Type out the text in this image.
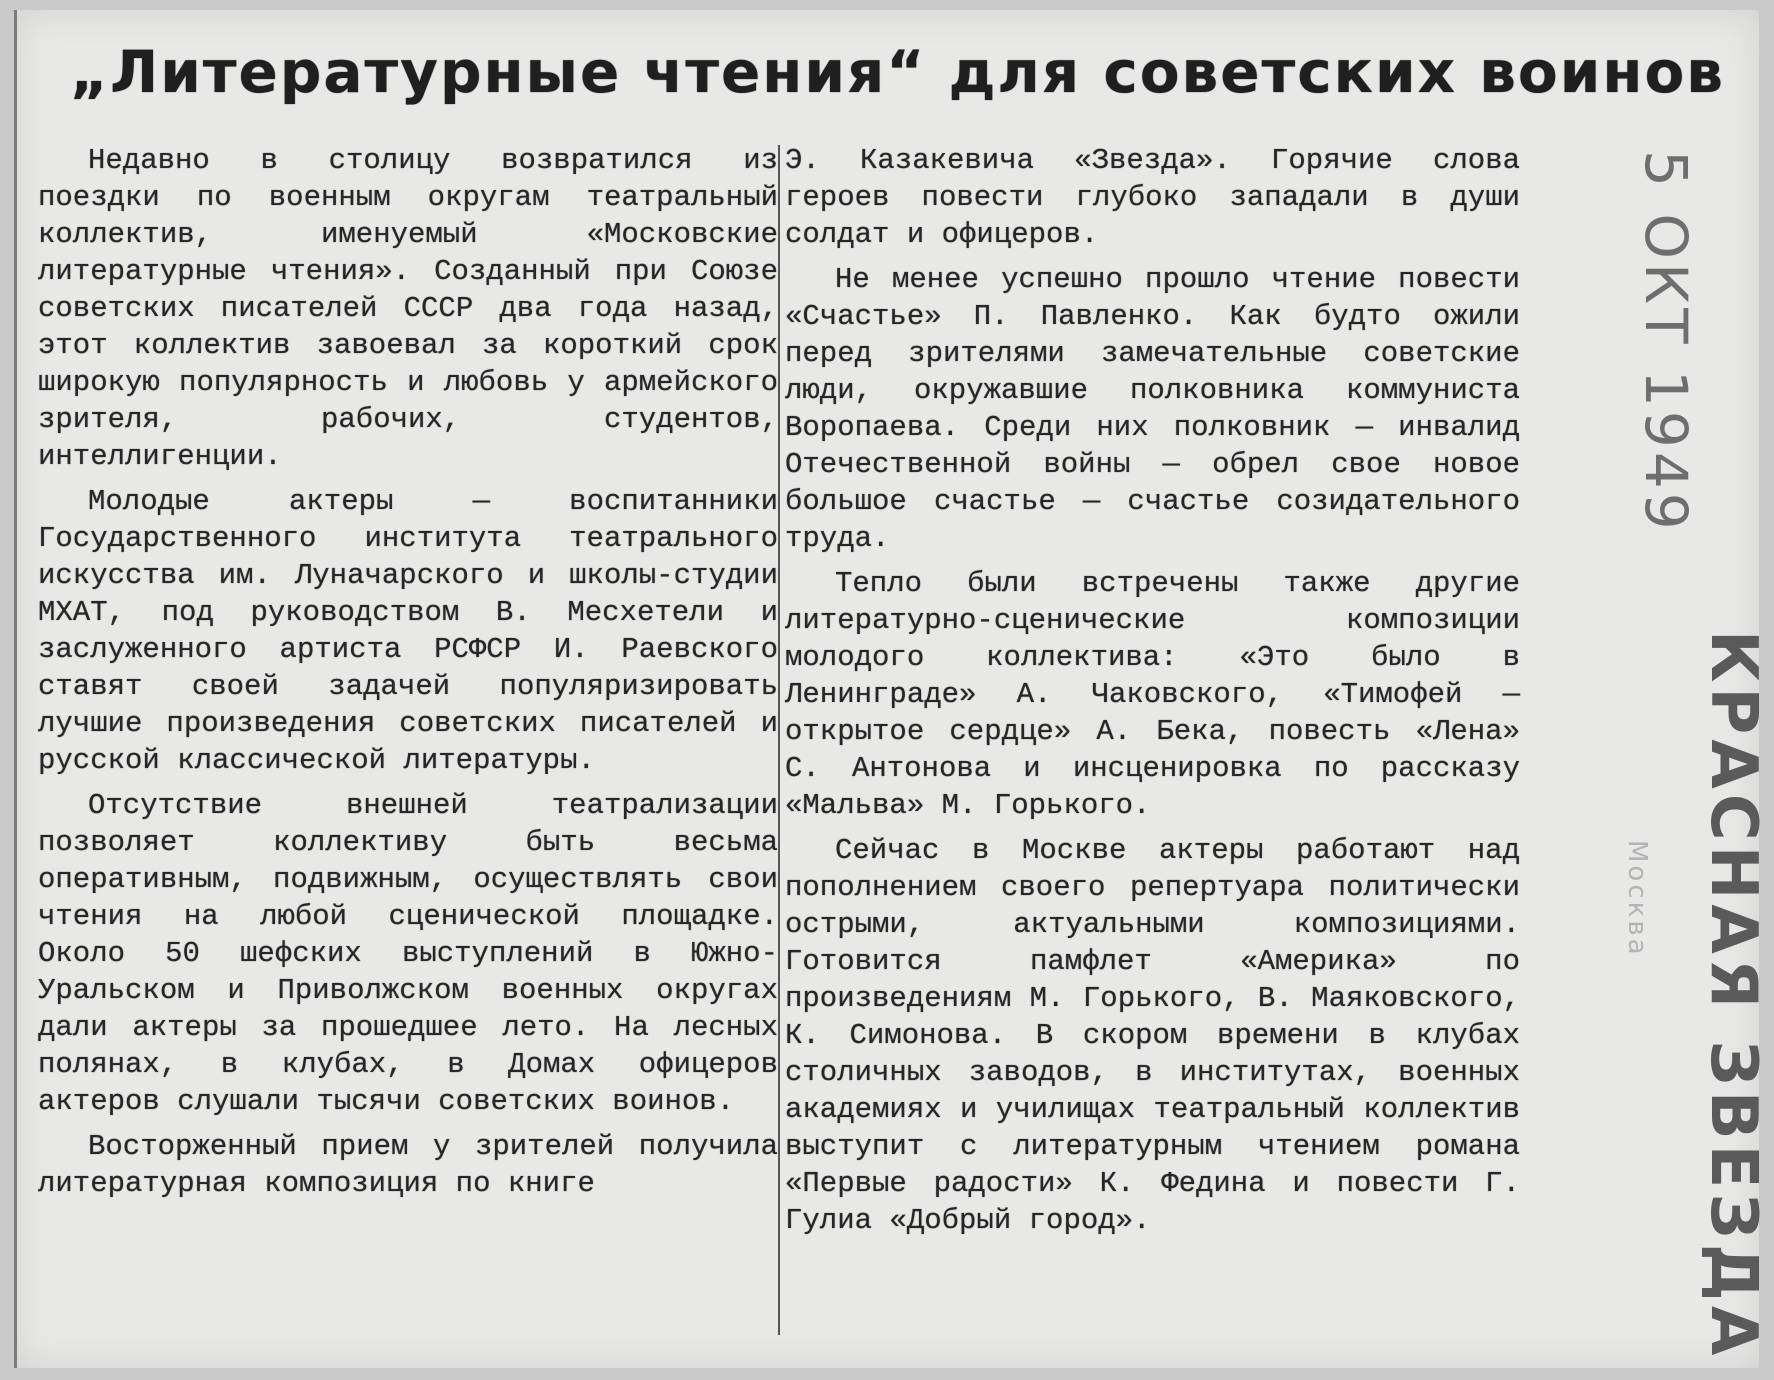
„Литературные чтения“ для советских воинов

Недавно в столицу возвратился из поездки по военным округам театральный коллектив, именуемый «Московские литературные чтения». Созданный при Союзе советских писателей СССР два года назад, этот коллектив завоевал за короткий срок широкую популярность и любовь у армейского зрителя, рабочих, студентов, интеллигенции.

Молодые актеры — воспитанники Государственного института театрального искусства им. Луначарского и школы-студии МХАТ, под руководством В. Месхетели и заслуженного артиста РСФСР И. Раевского ставят своей задачей популяризировать лучшие произведения советских писателей и русской классической литературы.

Отсутствие внешней театрализации позволяет коллективу быть весьма оперативным, подвижным, осуществлять свои чтения на любой сценической площадке. Около 50 шефских выступлений в Южно-Уральском и Приволжском военных округах дали актеры за прошедшее лето. На лесных полянах, в клубах, в Домах офицеров актеров слушали тысячи советских воинов.

Восторженный прием у зрителей получила литературная композиция по книге

Э. Казакевича «Звезда». Горячие слова героев повести глубоко западали в души солдат и офицеров.

Не менее успешно прошло чтение повести «Счастье» П. Павленко. Как будто ожили перед зрителями замечательные советские люди, окружавшие полковника коммуниста Воропаева. Среди них полковник — инвалид Отечественной войны — обрел свое новое большое счастье — счастье созидательного труда.

Тепло были встречены также другие литературно-сценические композиции молодого коллектива: «Это было в Ленинграде» А. Чаковского, «Тимофей — открытое сердце» А. Бека, повесть «Лена» С. Антонова и инсценировка по рассказу «Мальва» М. Горького.

Сейчас в Москве актеры работают над пополнением своего репертуара политически острыми, актуальными композициями. Готовится памфлет «Америка» по произведениям М. Горького, В. Маяковского, К. Симонова. В скором времени в клубах столичных заводов, в институтах, военных академиях и училищах театральный коллектив выступит с литературным чтением романа «Первые радости» К. Федина и повести Г. Гулиа «Добрый город».

5 ОКТ 1949
Москва КРАСНАЯ ЗВЕЗДА
